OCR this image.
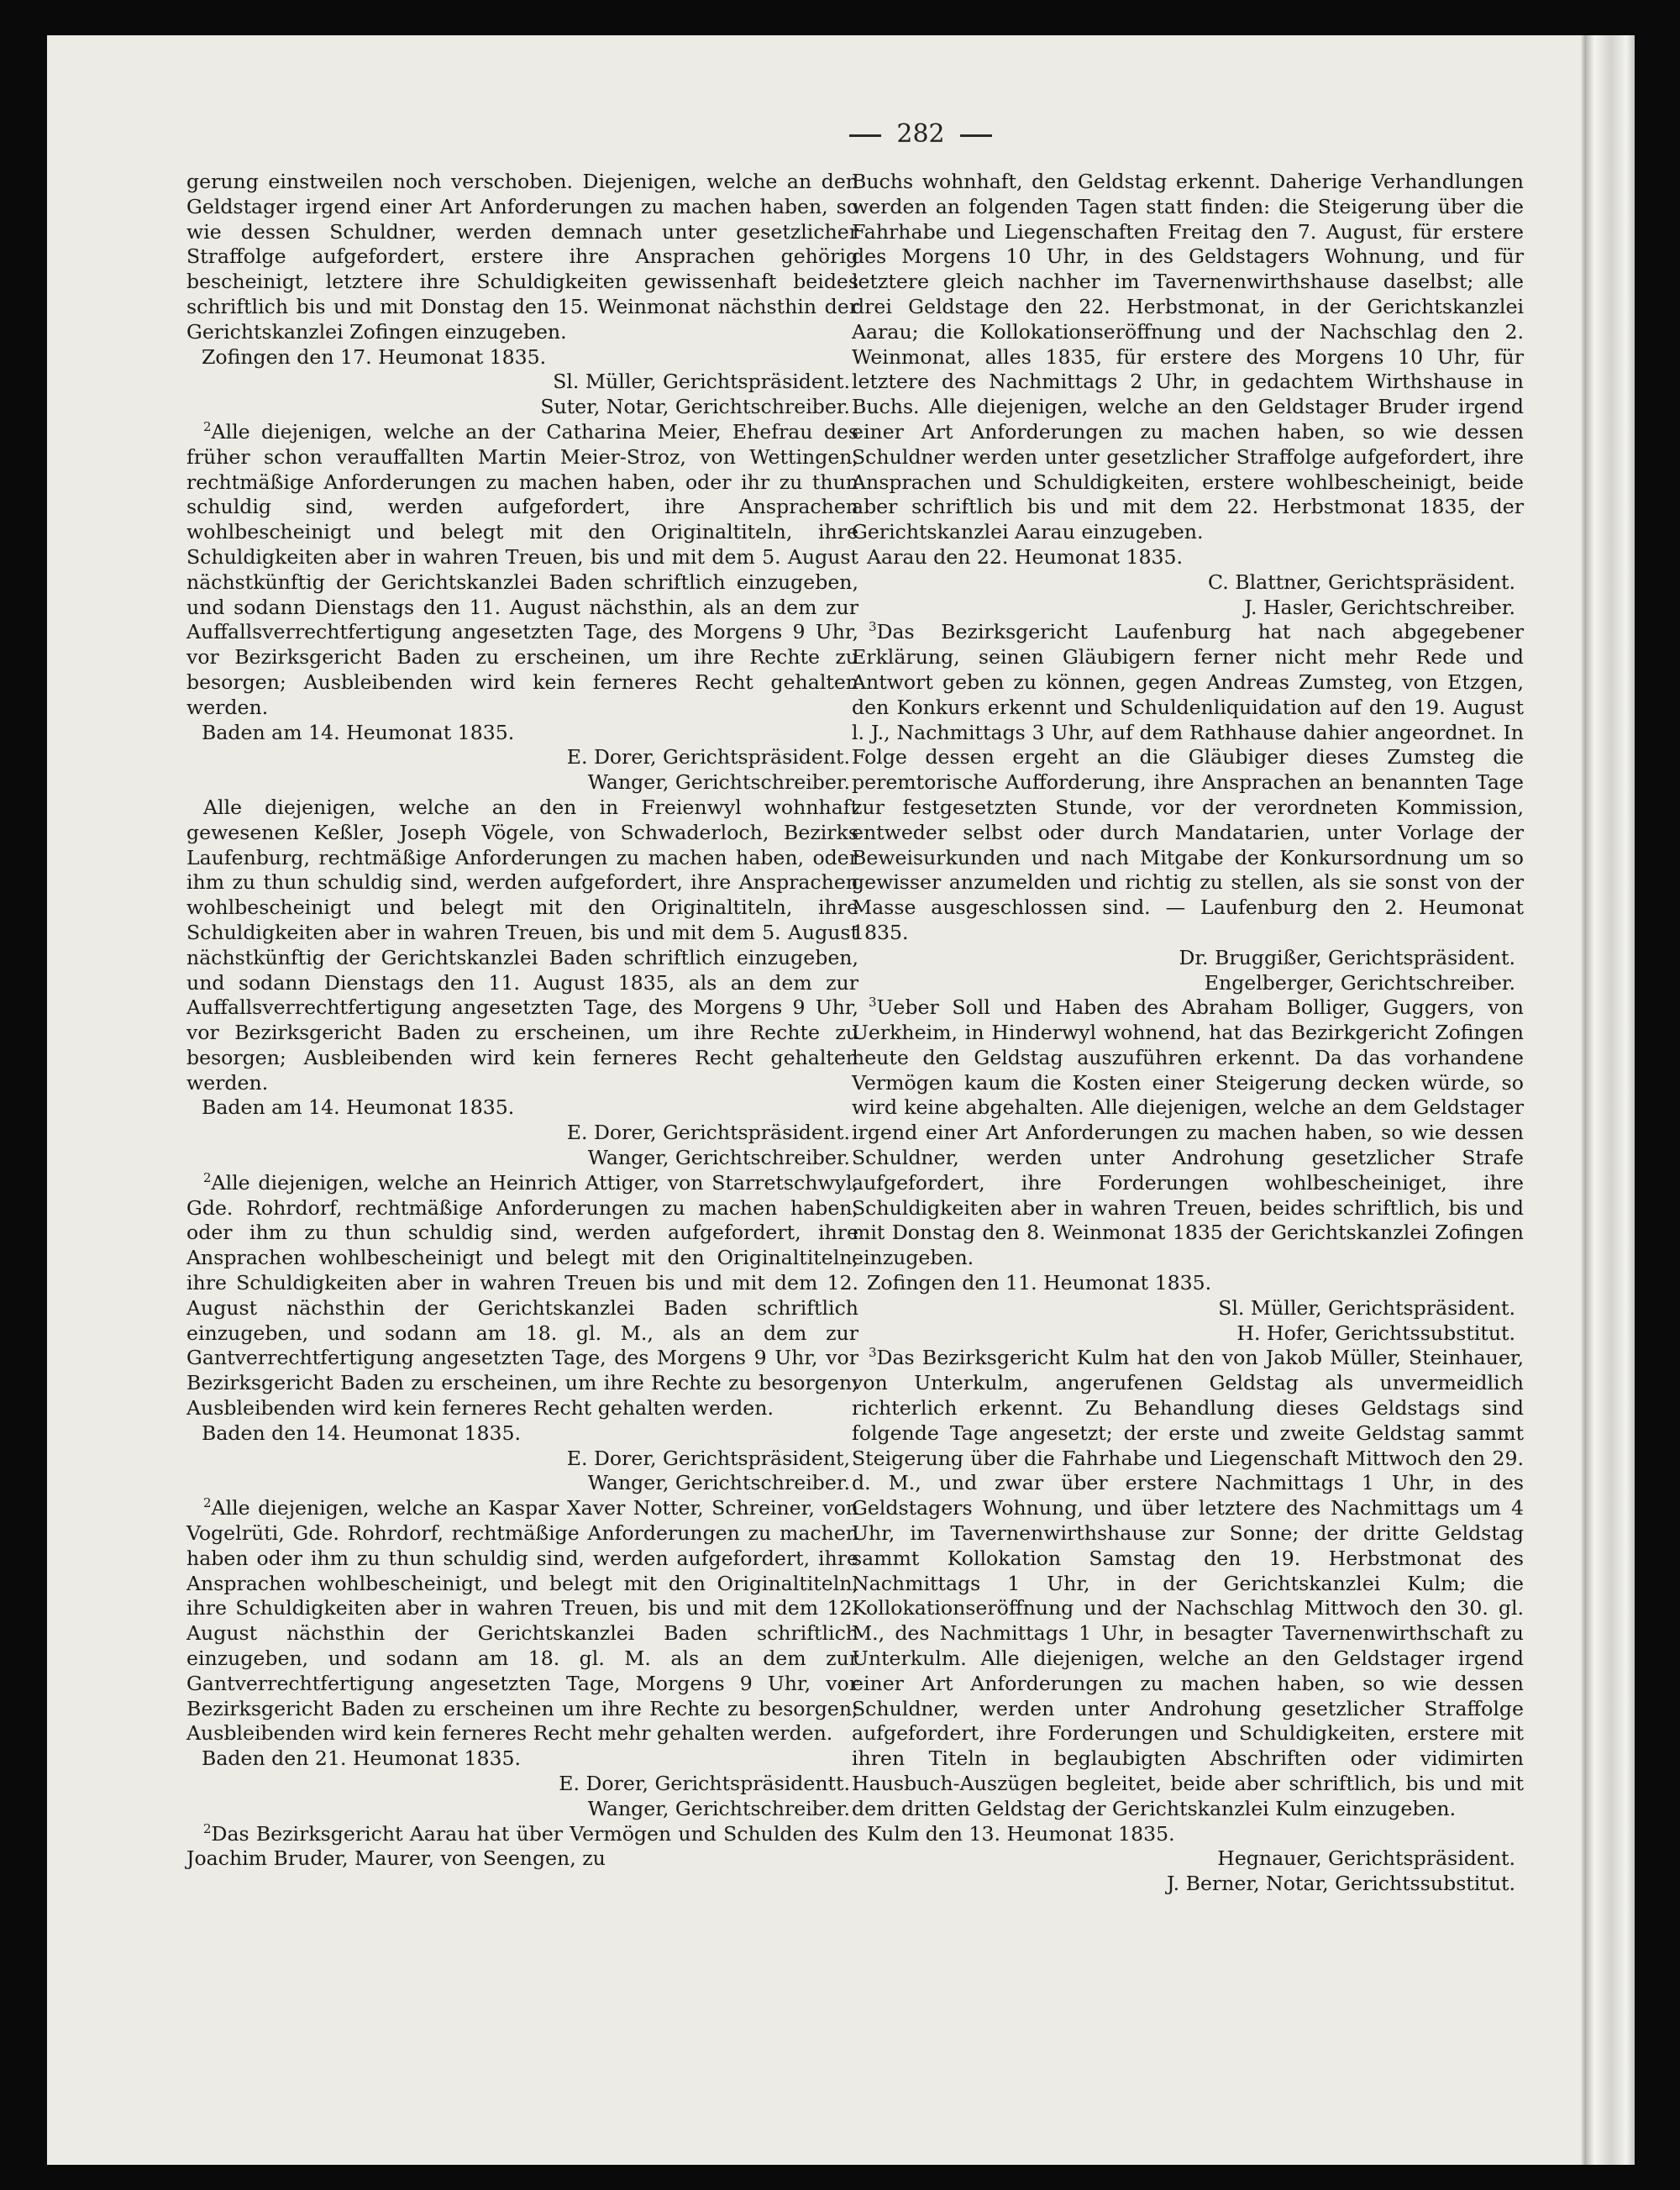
282

gerung einstweilen noch verschoben. Diejenigen, welche an den Geldstager irgend einer Art Anforderungen zu machen haben, so wie dessen Schuldner, werden demnach unter gesetzlicher Straffolge aufgefordert, erstere ihre Ansprachen gehörig bescheinigt, letztere ihre Schuldigkeiten gewissenhaft beides schriftlich bis und mit Donstag den 15. Weinmonat nächsthin der Gerichtskanzlei Zofingen einzugeben.

Zofingen den 17. Heumonat 1835.

Sl. Müller, Gerichtspräsident.

Suter, Notar, Gerichtschreiber.

$^2$Alle diejenigen, welche an der Catharina Meier, Ehefrau des früher schon verauffallten Martin Meier-Stroz, von Wettingen, rechtmäßige Anforderungen zu machen haben, oder ihr zu thun schuldig sind, werden aufgefordert, ihre Ansprachen wohlbescheinigt und belegt mit den Originaltiteln, ihre Schuldigkeiten aber in wahren Treuen, bis und mit dem 5. August nächstkünftig der Gerichtskanzlei Baden schriftlich einzugeben, und sodann Dienstags den 11. August nächsthin, als an dem zur Auffallsverrechtfertigung angesetzten Tage, des Morgens 9 Uhr, vor Bezirksgericht Baden zu erscheinen, um ihre Rechte zu besorgen; Ausbleibenden wird kein ferneres Recht gehalten werden.

Baden am 14. Heumonat 1835.

E. Dorer, Gerichtspräsident.

Wanger, Gerichtschreiber.

Alle diejenigen, welche an den in Freienwyl wohnhaft gewesenen Keßler, Joseph Vögele, von Schwaderloch, Bezirks Laufenburg, rechtmäßige Anforderungen zu machen haben, oder ihm zu thun schuldig sind, werden aufgefordert, ihre Ansprachen wohlbescheinigt und belegt mit den Originaltiteln, ihre Schuldigkeiten aber in wahren Treuen, bis und mit dem 5. August nächstkünftig der Gerichtskanzlei Baden schriftlich einzugeben, und sodann Dienstags den 11. August 1835, als an dem zur Auffallsverrechtfertigung angesetzten Tage, des Morgens 9 Uhr, vor Bezirksgericht Baden zu erscheinen, um ihre Rechte zu besorgen; Ausbleibenden wird kein ferneres Recht gehalten werden.

Baden am 14. Heumonat 1835.

E. Dorer, Gerichtspräsident.

Wanger, Gerichtschreiber.

$^2$Alle diejenigen, welche an Heinrich Attiger, von Starretschwyl, Gde. Rohrdorf, rechtmäßige Anforderungen zu machen haben, oder ihm zu thun schuldig sind, werden aufgefordert, ihre Ansprachen wohlbescheinigt und belegt mit den Originaltiteln, ihre Schuldigkeiten aber in wahren Treuen bis und mit dem 12. August nächsthin der Gerichtskanzlei Baden schriftlich einzugeben, und sodann am 18. gl. M., als an dem zur Gantverrechtfertigung angesetzten Tage, des Morgens 9 Uhr, vor Bezirksgericht Baden zu erscheinen, um ihre Rechte zu besorgen; Ausbleibenden wird kein ferneres Recht gehalten werden.

Baden den 14. Heumonat 1835.

E. Dorer, Gerichtspräsident,

Wanger, Gerichtschreiber.

$^2$Alle diejenigen, welche an Kaspar Xaver Notter, Schreiner, von Vogelrüti, Gde. Rohrdorf, rechtmäßige Anforderungen zu machen haben oder ihm zu thun schuldig sind, werden aufgefordert, ihre Ansprachen wohlbescheinigt, und belegt mit den Originaltiteln, ihre Schuldigkeiten aber in wahren Treuen, bis und mit dem 12. August nächsthin der Gerichtskanzlei Baden schriftlich einzugeben, und sodann am 18. gl. M. als an dem zur Gantverrechtfertigung angesetzten Tage, Morgens 9 Uhr, vor Bezirksgericht Baden zu erscheinen um ihre Rechte zu besorgen; Ausbleibenden wird kein ferneres Recht mehr gehalten werden.

Baden den 21. Heumonat 1835.

E. Dorer, Gerichtspräsidentt.

Wanger, Gerichtschreiber.

$^2$Das Bezirksgericht Aarau hat über Vermögen und Schulden des Joachim Bruder, Maurer, von Seengen, zu

Buchs wohnhaft, den Geldstag erkennt. Daherige Verhandlungen werden an folgenden Tagen statt finden: die Steigerung über die Fahrhabe und Liegenschaften Freitag den 7. August, für erstere des Morgens 10 Uhr, in des Geldstagers Wohnung, und für letztere gleich nachher im Tavernenwirthshause daselbst; alle drei Geldstage den 22. Herbstmonat, in der Gerichtskanzlei Aarau; die Kollokationseröffnung und der Nachschlag den 2. Weinmonat, alles 1835, für erstere des Morgens 10 Uhr, für letztere des Nachmittags 2 Uhr, in gedachtem Wirthshause in Buchs. Alle diejenigen, welche an den Geldstager Bruder irgend einer Art Anforderungen zu machen haben, so wie dessen Schuldner werden unter gesetzlicher Straffolge aufgefordert, ihre Ansprachen und Schuldigkeiten, erstere wohlbescheinigt, beide aber schriftlich bis und mit dem 22. Herbstmonat 1835, der Gerichtskanzlei Aarau einzugeben.

Aarau den 22. Heumonat 1835.

C. Blattner, Gerichtspräsident.

J. Hasler, Gerichtschreiber.

$^3$Das Bezirksgericht Laufenburg hat nach abgegebener Erklärung, seinen Gläubigern ferner nicht mehr Rede und Antwort geben zu können, gegen Andreas Zumsteg, von Etzgen, den Konkurs erkennt und Schuldenliquidation auf den 19. August l. J., Nachmittags 3 Uhr, auf dem Rathhause dahier angeordnet. In Folge dessen ergeht an die Gläubiger dieses Zumsteg die peremtorische Aufforderung, ihre Ansprachen an benannten Tage zur festgesetzten Stunde, vor der verordneten Kommission, entweder selbst oder durch Mandatarien, unter Vorlage der Beweisurkunden und nach Mitgabe der Konkursordnung um so gewisser anzumelden und richtig zu stellen, als sie sonst von der Masse ausgeschlossen sind. — Laufenburg den 2. Heumonat 1835.

Dr. Bruggißer, Gerichtspräsident.

Engelberger, Gerichtschreiber.

$^3$Ueber Soll und Haben des Abraham Bolliger, Guggers, von Uerkheim, in Hinderwyl wohnend, hat das Bezirkgericht Zofingen heute den Geldstag auszuführen erkennt. Da das vorhandene Vermögen kaum die Kosten einer Steigerung decken würde, so wird keine abgehalten. Alle diejenigen, welche an dem Geldstager irgend einer Art Anforderungen zu machen haben, so wie dessen Schuldner, werden unter Androhung gesetzlicher Strafe aufgefordert, ihre Forderungen wohlbescheiniget, ihre Schuldigkeiten aber in wahren Treuen, beides schriftlich, bis und mit Donstag den 8. Weinmonat 1835 der Gerichtskanzlei Zofingen einzugeben.

Zofingen den 11. Heumonat 1835.

Sl. Müller, Gerichtspräsident.

H. Hofer, Gerichtssubstitut.

$^3$Das Bezirksgericht Kulm hat den von Jakob Müller, Steinhauer, von Unterkulm, angerufenen Geldstag als unvermeidlich richterlich erkennt. Zu Behandlung dieses Geldstags sind folgende Tage angesetzt; der erste und zweite Geldstag sammt Steigerung über die Fahrhabe und Liegenschaft Mittwoch den 29. d. M., und zwar über erstere Nachmittags 1 Uhr, in des Geldstagers Wohnung, und über letztere des Nachmittags um 4 Uhr, im Tavernenwirthshause zur Sonne; der dritte Geldstag sammt Kollokation Samstag den 19. Herbstmonat des Nachmittags 1 Uhr, in der Gerichtskanzlei Kulm; die Kollokationseröffnung und der Nachschlag Mittwoch den 30. gl. M., des Nachmittags 1 Uhr, in besagter Tavernenwirthschaft zu Unterkulm. Alle diejenigen, welche an den Geldstager irgend einer Art Anforderungen zu machen haben, so wie dessen Schuldner, werden unter Androhung gesetzlicher Straffolge aufgefordert, ihre Forderungen und Schuldigkeiten, erstere mit ihren Titeln in beglaubigten Abschriften oder vidimirten Hausbuch-Auszügen begleitet, beide aber schriftlich, bis und mit dem dritten Geldstag der Gerichtskanzlei Kulm einzugeben.

Kulm den 13. Heumonat 1835.

Hegnauer, Gerichtspräsident.

J. Berner, Notar, Gerichtssubstitut.
